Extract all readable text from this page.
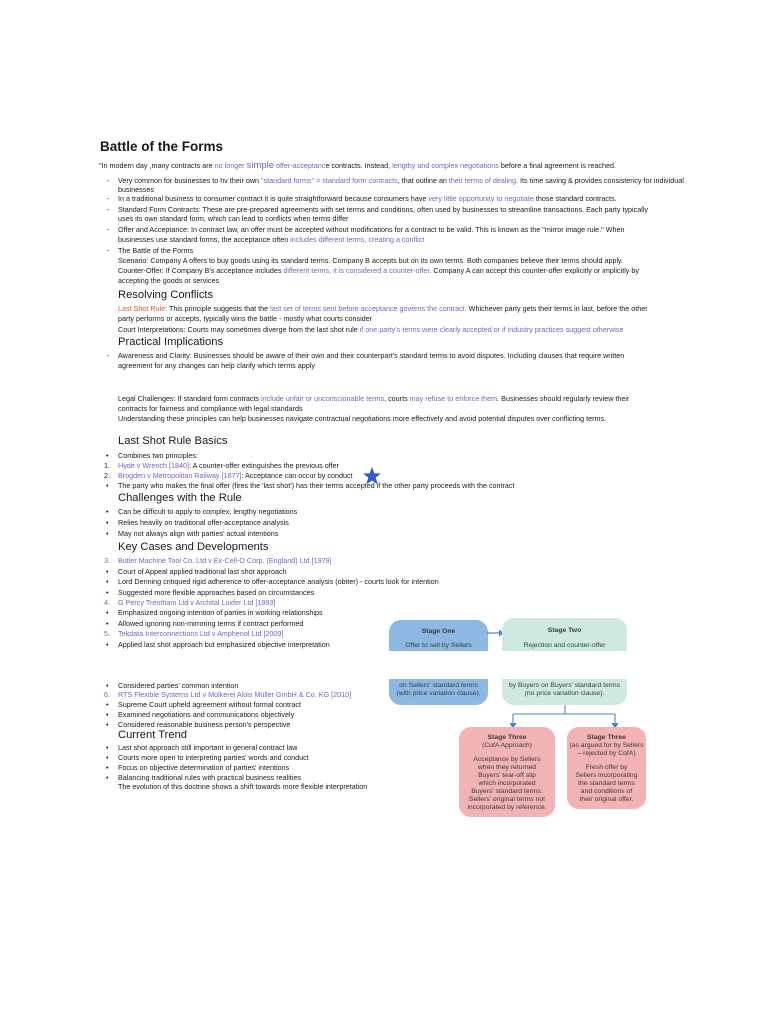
Battle of the Forms
"In modern day ,many contracts are no longer simple offer-acceptance contracts. Instead, lengthy and complex negotiations before a final agreement is reached.
- Very common for businesses to hv their own "standard forms" = standard form contracts, that outline an their terms of dealing. Its time saving & provides consistency for individual
businesses
- In a traditional business to consumer contract it is quite straightforward because consumers have very little opportunity to negotiate those standard contracts.
- Standard Form Contracts: These are pre-prepared agreements with set terms and conditions, often used by businesses to streamline transactions. Each party typically
uses its own standard form, which can lead to conflicts when terms differ
- Offer and Acceptance: In contract law, an offer must be accepted without modifications for a contract to be valid. This is known as the "mirror image rule." When
businesses use standard forms, the acceptance often includes different terms, creating a conflict
- The Battle of the Forms
Scenario: Company A offers to buy goods using its standard terms. Company B accepts but on its own terms. Both companies believe their terms should apply.
Counter-Offer: If Company B's acceptance includes different terms, it is considered a counter-offer. Company A can accept this counter-offer explicitly or implicitly by
accepting the goods or services
Resolving Conflicts
Last Shot Rule: This principle suggests that the last set of terms sent before acceptance governs the contract. Whichever party gets their terms in last, before the other
party performs or accepts, typically wins the battle - mostly what courts consider
Court Interpretations: Courts may sometimes diverge from the last shot rule if one party's terms were clearly accepted or if industry practices suggest otherwise
Practical Implications
- Awareness and Clarity: Businesses should be aware of their own and their counterpart's standard terms to avoid disputes. Including clauses that require written
agreement for any changes can help clarify which terms apply
Legal Challenges: If standard form contracts include unfair or unconscionable terms, courts may refuse to enforce them. Businesses should regularly review their
contracts for fairness and compliance with legal standards
Understanding these principles can help businesses navigate contractual negotiations more effectively and avoid potential disputes over conflicting terms.
Last Shot Rule Basics
• Combines two principles:
1. Hyde v Wrench [1840]: A counter-offer extinguishes the previous offer
2. Brogden v Metropolitan Railway [1877]: Acceptance can occur by conduct
• The party who makes the final offer (fires the 'last shot') has their terms accepted if the other party proceeds with the contract
Challenges with the Rule
• Can be difficult to apply to complex, lengthy negotiations
• Relies heavily on traditional offer-acceptance analysis
• May not always align with parties' actual intentions
Key Cases and Developments
3. Butler Machine Tool Co. Ltd v Ex-Cell-O Corp. (England) Ltd [1979]
• Court of Appeal applied traditional last shot approach
• Lord Denning critiqued rigid adherence to offer-acceptance analysis (obiter) - courts look for intention
• Suggested more flexible approaches based on circumstances
4. G Percy Trentham Ltd v Archital Luxfer Ltd [1993]
• Emphasized ongoing intention of parties in working relationships
• Allowed ignoring non-mirroring terms if contract performed
5. Tekdata Interconnections Ltd v Amphenol Ltd [2009]
• Applied last shot approach but emphasized objective interpretation
• Considered parties' common intention
6. RTS Flexible Systems Ltd v Molkerei Alois Müller GmbH & Co. KG [2010]
• Supreme Court upheld agreement without formal contract
• Examined negotiations and communications objectively
• Considered reasonable business person's perspective
Current Trend
• Last shot approach still important in general contract law
• Courts more open to interpreting parties' words and conduct
• Focus on objective determination of parties' intentions
• Balancing traditional rules with practical business realities
The evolution of this doctrine shows a shift towards more flexible interpretation
Stage One
Offer to sell by Sellers
Stage Two
Rejection and counter-offer
on Sellers' standard terms
(with price variation clause).
by Buyers on Buyers' standard terms
(no price variation clause).
Stage Three
(CofA Approach)
Acceptance by Sellers
when they returned
Buyers' tear-off slip
which incorporated
Buyers' standard terms.
Sellers' original terms not
incorporated by reference.
Stage Three
(as argued for by Sellers
– rejected by CofA)
Fresh offer by
Sellers incorporating
the standard terms
and conditions of
their original offer.
